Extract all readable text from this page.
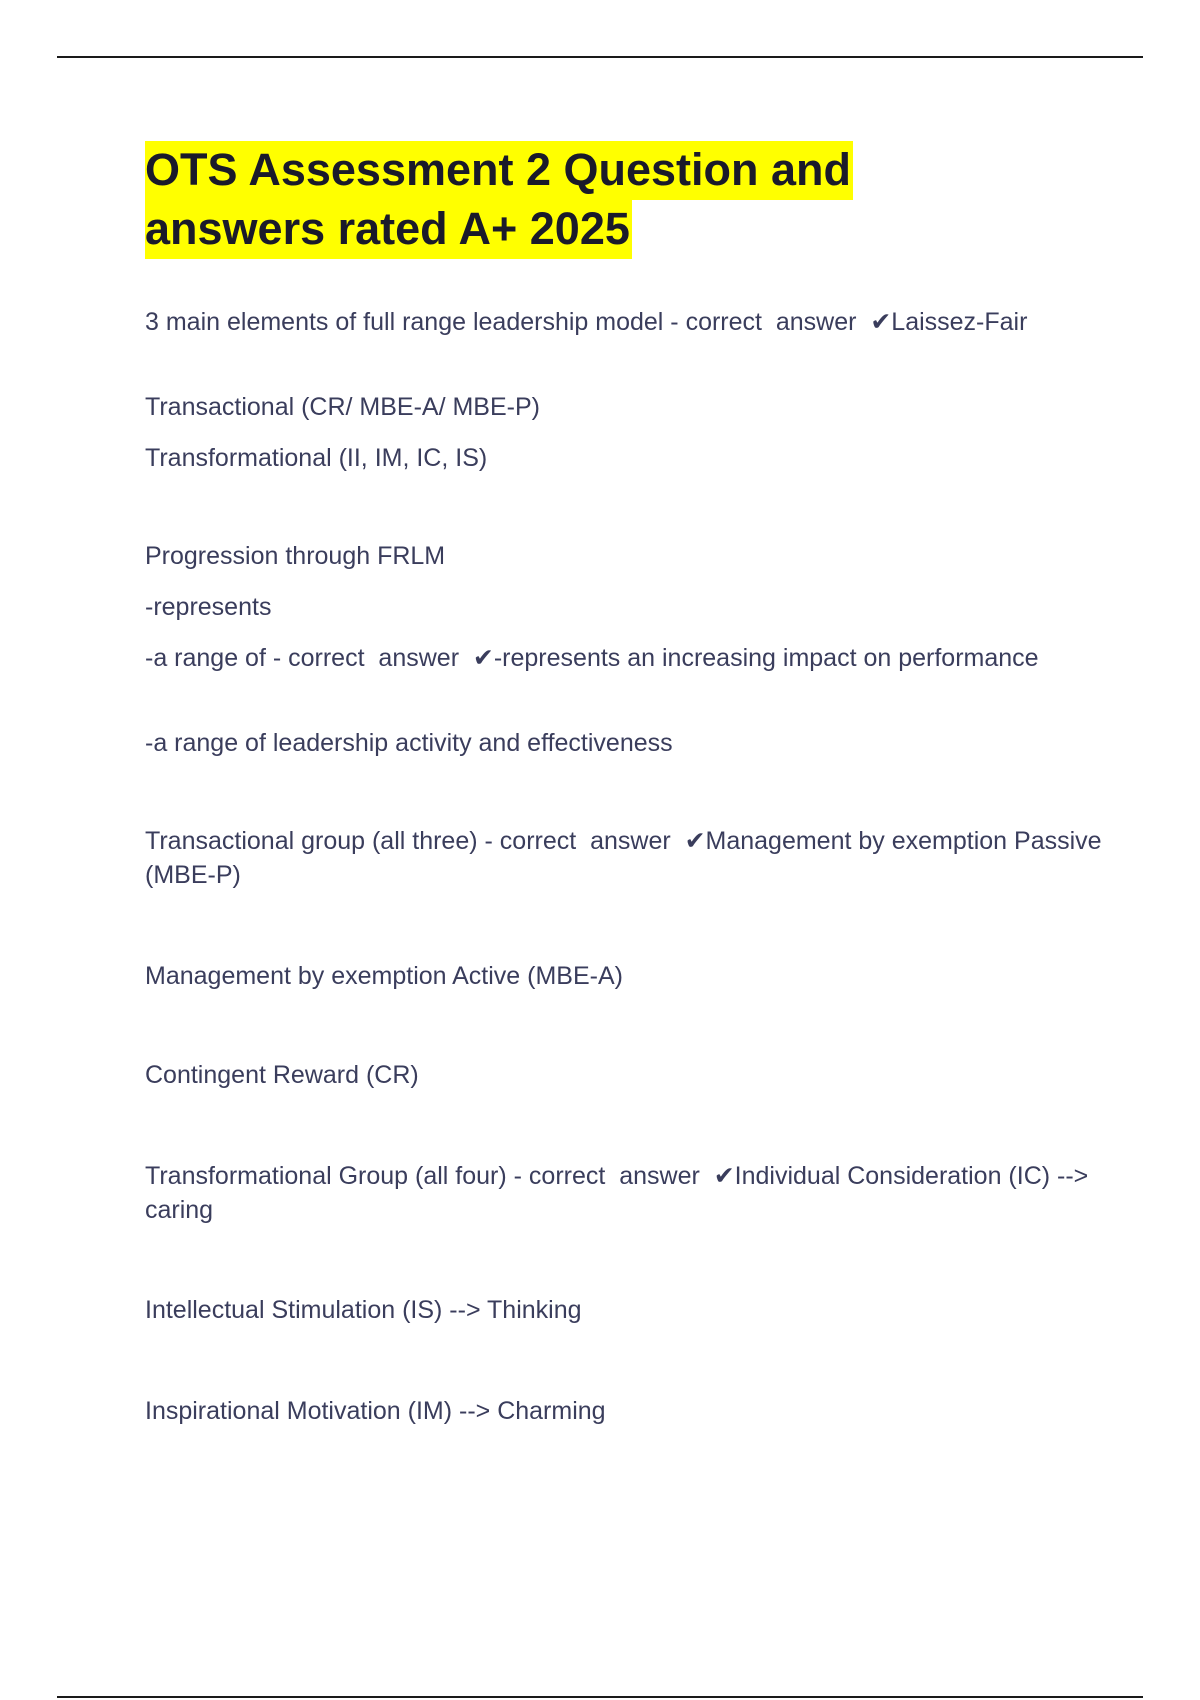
OTS Assessment 2 Question and
answers rated A+ 2025

3 main elements of full range leadership model - correct  answer  ✔Laissez-Fair

Transactional (CR/ MBE-A/ MBE-P)

Transformational (II, IM, IC, IS)

Progression through FRLM

-represents

-a range of - correct  answer  ✔-represents an increasing impact on performance

-a range of leadership activity and effectiveness

Transactional group (all three) - correct  answer  ✔Management by exemption Passive (MBE-P)

Management by exemption Active (MBE-A)

Contingent Reward (CR)

Transformational Group (all four) - correct  answer  ✔Individual Consideration (IC) --> caring

Intellectual Stimulation (IS) --> Thinking

Inspirational Motivation (IM) --> Charming
